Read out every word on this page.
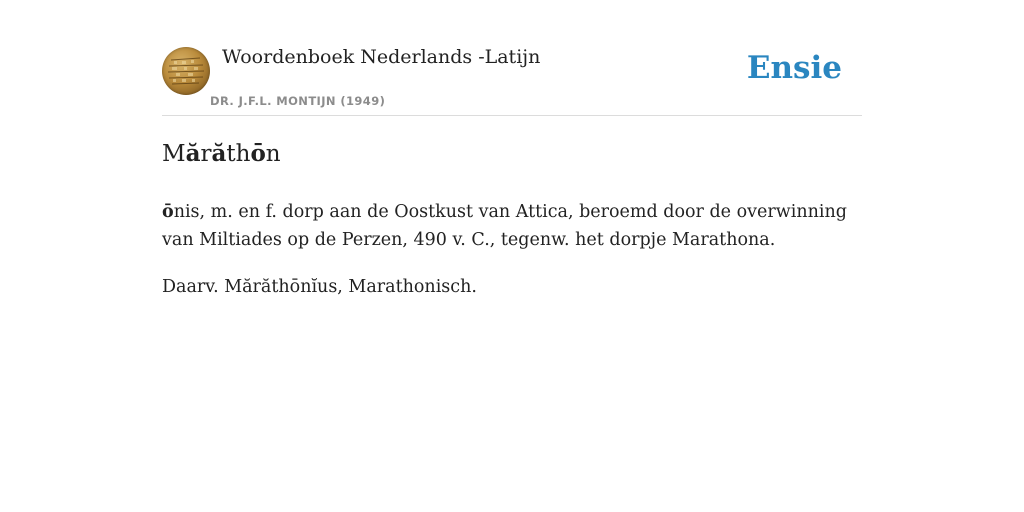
Woordenboek Nederlands -Latijn
DR. J.F.L. MONTIJN (1949)
Ensie
Mărăthōn

ōnis, m. en f. dorp aan de Oostkust van Attica, beroemd door de overwinning van Miltiades op de Perzen, 490 v. C., tegenw. het dorpje Marathona.

Daarv. Mărăthōnĭus, Marathonisch.
